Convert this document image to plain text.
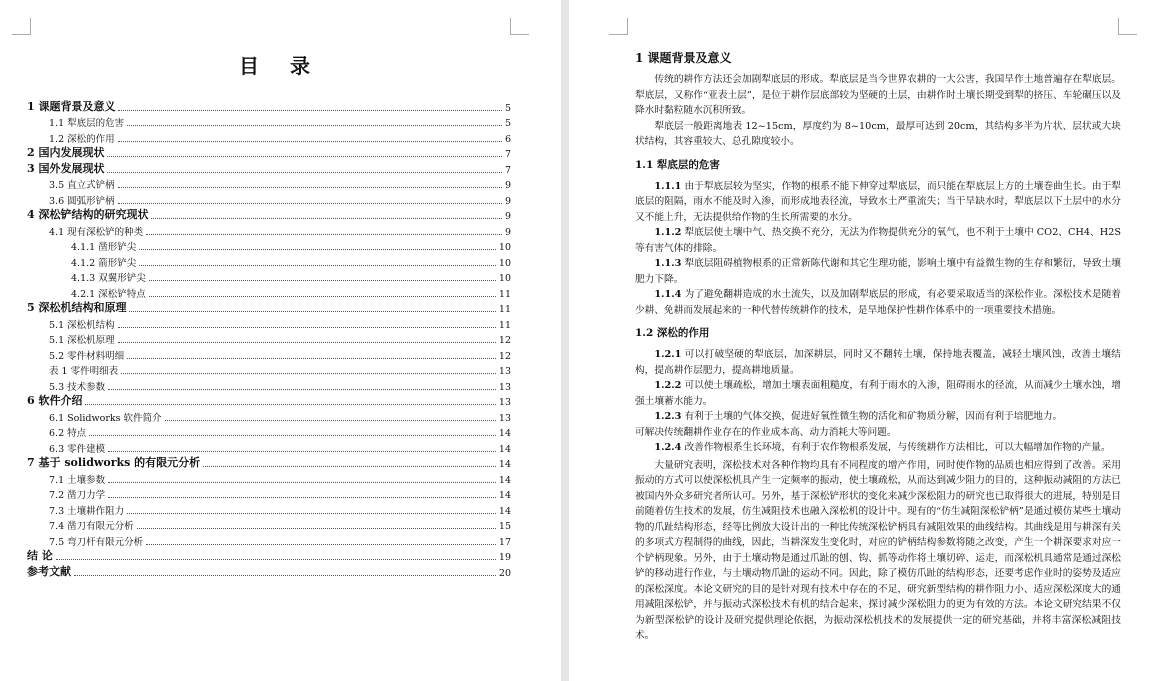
目 录
1 课题背景及意义	5
1.1 犁底层的危害	5
1.2 深松的作用	6
2 国内发展现状	7
3 国外发展现状	7
3.5 直立式铲柄	9
3.6 圆弧形铲柄	9
4 深松铲结构的研究现状	9
4.1 现有深松铲的种类	9
4.1.1 凿形铲尖	10
4.1.2 箭形铲尖	10
4.1.3 双翼形铲尖	10
4.2.1 深松铲特点	11
5 深松机结构和原理	11
5.1 深松机结构	11
5.1 深松机原理	12
5.2 零件材料明细	12
表 1 零件明细表	13
5.3 技术参数	13
6 软件介绍	13
6.1 Solidworks 软件简介	13
6.2 特点	14
6.3 零件建模	14
7 基于 solidworks 的有限元分析	14
7.1 土壤参数	14
7.2 凿刀力学	14
7.3 土壤耕作阻力	14
7.4 凿刀有限元分析	15
7.5 弯刀杆有限元分析	17
结 论	19
参考文献	20
1 课题背景及意义

传统的耕作方法还会加剧犁底层的形成。犁底层是当今世界农耕的一大公害，我国旱作土地普遍存在犁底层。犁底层，又称作“亚表土层”，是位于耕作层底部较为坚硬的土层，由耕作时土壤长期受到犁的挤压、车轮碾压以及降水时黏粒随水沉积所致。

犁底层一般距离地表 12~15cm，厚度约为 8~10cm，最厚可达到 20cm，其结构多半为片状、层状或大块状结构，其容重较大、总孔隙度较小。

1.1 犁底层的危害

1.1.1 由于犁底层较为坚实，作物的根系不能下伸穿过犁底层，而只能在犁底层上方的土壤巻曲生长。由于犁底层的阻隔，雨水不能及时入渗，而形成地表径流，导致水土严重流失；当干旱缺水时，犁底层以下土层中的水分又不能上升，无法提供给作物的生长所需要的水分。

1.1.2 犁底层使土壤中气、热交换不充分，无法为作物提供充分的氧气，也不利于土壤中 CO2、CH4、H2S 等有害气体的排除。

1.1.3 犁底层阻碍植物根系的正常新陈代谢和其它生理功能，影响土壤中有益微生物的生存和繁衍，导致土壤肥力下降。

1.1.4 为了避免翻耕造成的水土流失，以及加剧犁底层的形成，有必要采取适当的深松作业。深松技术是随着少耕、免耕而发展起来的一种代替传统耕作的技术，是旱地保护性耕作体系中的一项重要技术措施。

1.2 深松的作用

1.2.1 可以打破坚硬的犁底层，加深耕层，同时又不翻转土壤，保持地表覆盖，减轻土壤风蚀，改善土壤结构，提高耕作层肥力，提高耕地质量。

1.2.2 可以使土壤疏松，增加土壤表面粗糙度，有利于雨水的入渗，阻碍雨水的径流，从而减少土壤水蚀，增强土壤蓄水能力。

1.2.3 有利于土壤的气体交换，促进好氧性微生物的活化和矿物质分解，因而有利于培肥地力。

可解决传统翻耕作业存在的作业成本高、动力消耗大等问题。

1.2.4 改善作物根系生长环境，有利于农作物根系发展，与传统耕作方法相比，可以大幅增加作物的产量。

大量研究表明，深松技术对各种作物均具有不同程度的增产作用，同时使作物的品质也相应得到了改善。采用振动的方式可以使深松机具产生一定频率的振动，使土壤疏松，从而达到减少阻力的目的，这种振动减阻的方法已被国内外众多研究者所认可。另外，基于深松铲形状的变化来减少深松阻力的研究也已取得很大的进展，特别是目前随着仿生技术的发展，仿生减阻技术也融入深松机的设计中。现有的“仿生减阻深松铲柄”是通过模仿某些土壤动物的爪趾结构形态，经等比例放大设计出的一种比传统深松铲柄具有减阻效果的曲线结构。其曲线是用与耕深有关的多项式方程制得的曲线，因此，当耕深发生变化时，对应的铲柄结构参数将随之改变，产生一个耕深要求对应一个铲柄现象。另外，由于土壤动物是通过爪趾的刨、钩、抓等动作将土壤切碎、运走，而深松机具通常是通过深松铲的移动进行作业，与土壤动物爪趾的运动不同。因此，除了模仿爪趾的结构形态，还要考虑作业时的姿势及适应的深松深度。本论文研究的目的是针对现有技术中存在的不足，研究新型结构的耕作阻力小、适应深松深度大的通用减阻深松铲，并与振动式深松技术有机的结合起来，探讨减少深松阻力的更为有效的方法。本论文研究结果不仅为新型深松铲的设计及研究提供理论依据，为振动深松机技术的发展提供一定的研究基础，并将丰富深松减阻技术。
